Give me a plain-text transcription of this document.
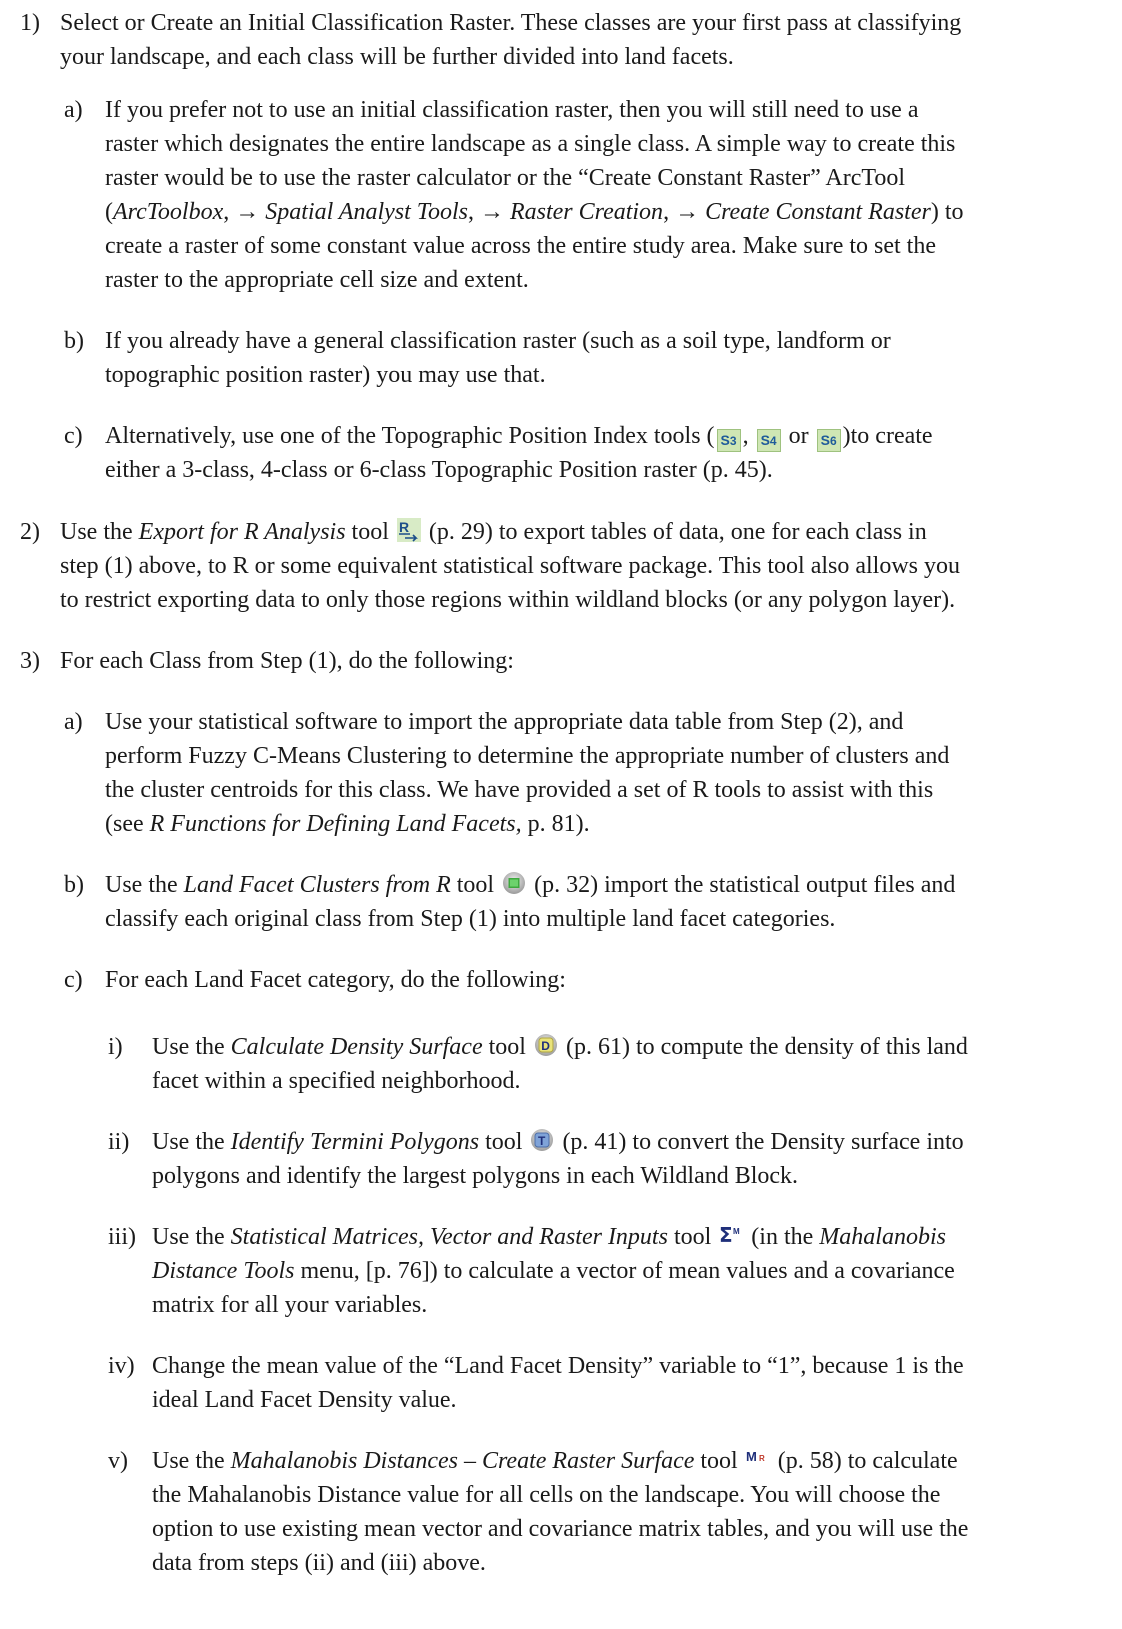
1) Select or Create an Initial Classification Raster. These classes are your first pass at classifying
your landscape, and each class will be further divided into land facets.
a) If you prefer not to use an initial classification raster, then you will still need to use a
raster which designates the entire landscape as a single class. A simple way to create this
raster would be to use the raster calculator or the “Create Constant Raster” ArcTool
(ArcToolbox, → Spatial Analyst Tools, → Raster Creation, → Create Constant Raster) to
create a raster of some constant value across the entire study area. Make sure to set the
raster to the appropriate cell size and extent.
b) If you already have a general classification raster (such as a soil type, landform or
topographic position raster) you may use that.
c) Alternatively, use one of the Topographic Position Index tools ( S3 , S4 or S6 )to create
either a 3-class, 4-class or 6-class Topographic Position raster (p. 45).
2) Use the Export for R Analysis tool R (p. 29) to export tables of data, one for each class in
step (1) above, to R or some equivalent statistical software package. This tool also allows you
to restrict exporting data to only those regions within wildland blocks (or any polygon layer).
3) For each Class from Step (1), do the following:
a) Use your statistical software to import the appropriate data table from Step (2), and
perform Fuzzy C-Means Clustering to determine the appropriate number of clusters and
the cluster centroids for this class. We have provided a set of R tools to assist with this
(see R Functions for Defining Land Facets, p. 81).
b) Use the Land Facet Clusters from R tool  (p. 32) import the statistical output files and
classify each original class from Step (1) into multiple land facet categories.
c) For each Land Facet category, do the following:
i) Use the Calculate Density Surface tool D (p. 61) to compute the density of this land
facet within a specified neighborhood.
ii) Use the Identify Termini Polygons tool T (p. 41) to convert the Density surface into
polygons and identify the largest polygons in each Wildland Block.
iii) Use the Statistical Matrices, Vector and Raster Inputs tool Σ M (in the Mahalanobis
Distance Tools menu, [p. 76]) to calculate a vector of mean values and a covariance
matrix for all your variables.
iv) Change the mean value of the “Land Facet Density” variable to “1”, because 1 is the
ideal Land Facet Density value.
v) Use the Mahalanobis Distances – Create Raster Surface tool M R (p. 58) to calculate
the Mahalanobis Distance value for all cells on the landscape. You will choose the
option to use existing mean vector and covariance matrix tables, and you will use the
data from steps (ii) and (iii) above.
